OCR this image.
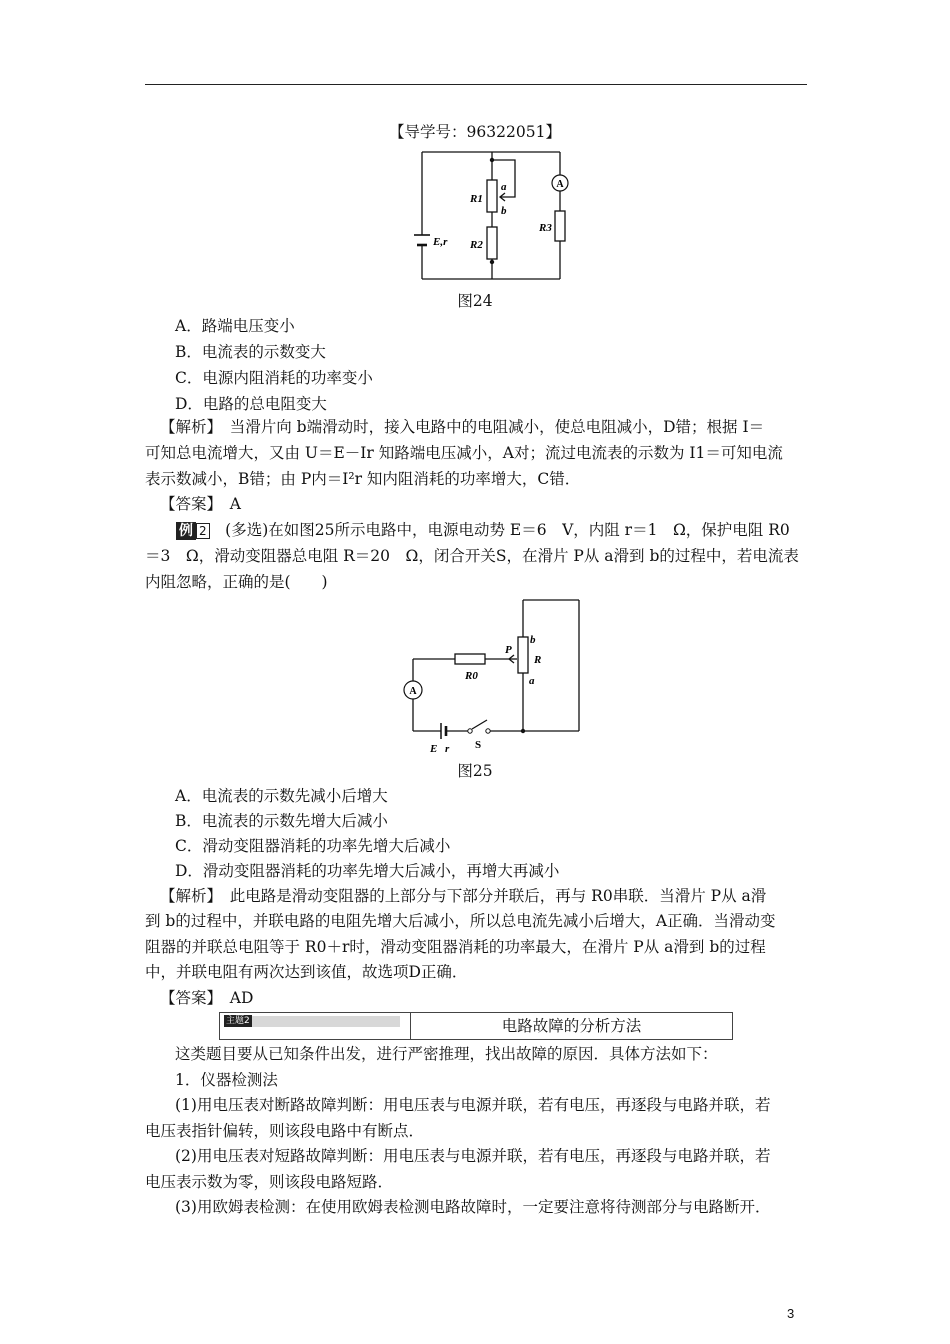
【导学号：96322051】
A
a
b
R1
R2
R3
E,r
图24
A．路端电压变小
B．电流表的示数变大
C．电源内阻消耗的功率变小
D．电路的总电阻变大
【解析】　当滑片向 b端滑动时，接入电路中的电阻减小，使总电阻减小，D错；根据 I＝
可知总电流增大，又由 U＝E－Ir 知路端电压减小，A对；流过电流表的示数为 I1＝可知电流
表示数减小，B错；由 P内＝I²r 知内阻消耗的功率增大，C错．
【答案】　A
例 2　(多选)在如图25所示电路中，电源电动势 E＝6　V，内阻 r＝1　Ω，保护电阻 R0
＝3　Ω，滑动变阻器总电阻 R＝20　Ω，闭合开关S，在滑片 P从 a滑到 b的过程中，若电流表
内阻忽略，正确的是(　　)
A
R0
P
b
R
a
E r S
图25
A．电流表的示数先减小后增大
B．电流表的示数先增大后减小
C．滑动变阻器消耗的功率先增大后减小
D．滑动变阻器消耗的功率先增大后减小，再增大再减小
【解析】　此电路是滑动变阻器的上部分与下部分并联后，再与 R0串联．当滑片 P从 a滑
到 b的过程中，并联电路的电阻先增大后减小，所以总电流先减小后增大，A正确．当滑动变
阻器的并联总电阻等于 R0＋r时，滑动变阻器消耗的功率最大，在滑片 P从 a滑到 b的过程
中，并联电阻有两次达到该值，故选项D正确．
【答案】　AD
主题2	电路故障的分析方法
这类题目要从已知条件出发，进行严密推理，找出故障的原因．具体方法如下：
1．仪器检测法
(1)用电压表对断路故障判断：用电压表与电源并联，若有电压，再逐段与电路并联，若
电压表指针偏转，则该段电路中有断点．
(2)用电压表对短路故障判断：用电压表与电源并联，若有电压，再逐段与电路并联，若
电压表示数为零，则该段电路短路．
(3)用欧姆表检测：在使用欧姆表检测电路故障时，一定要注意将待测部分与电路断开．
3
